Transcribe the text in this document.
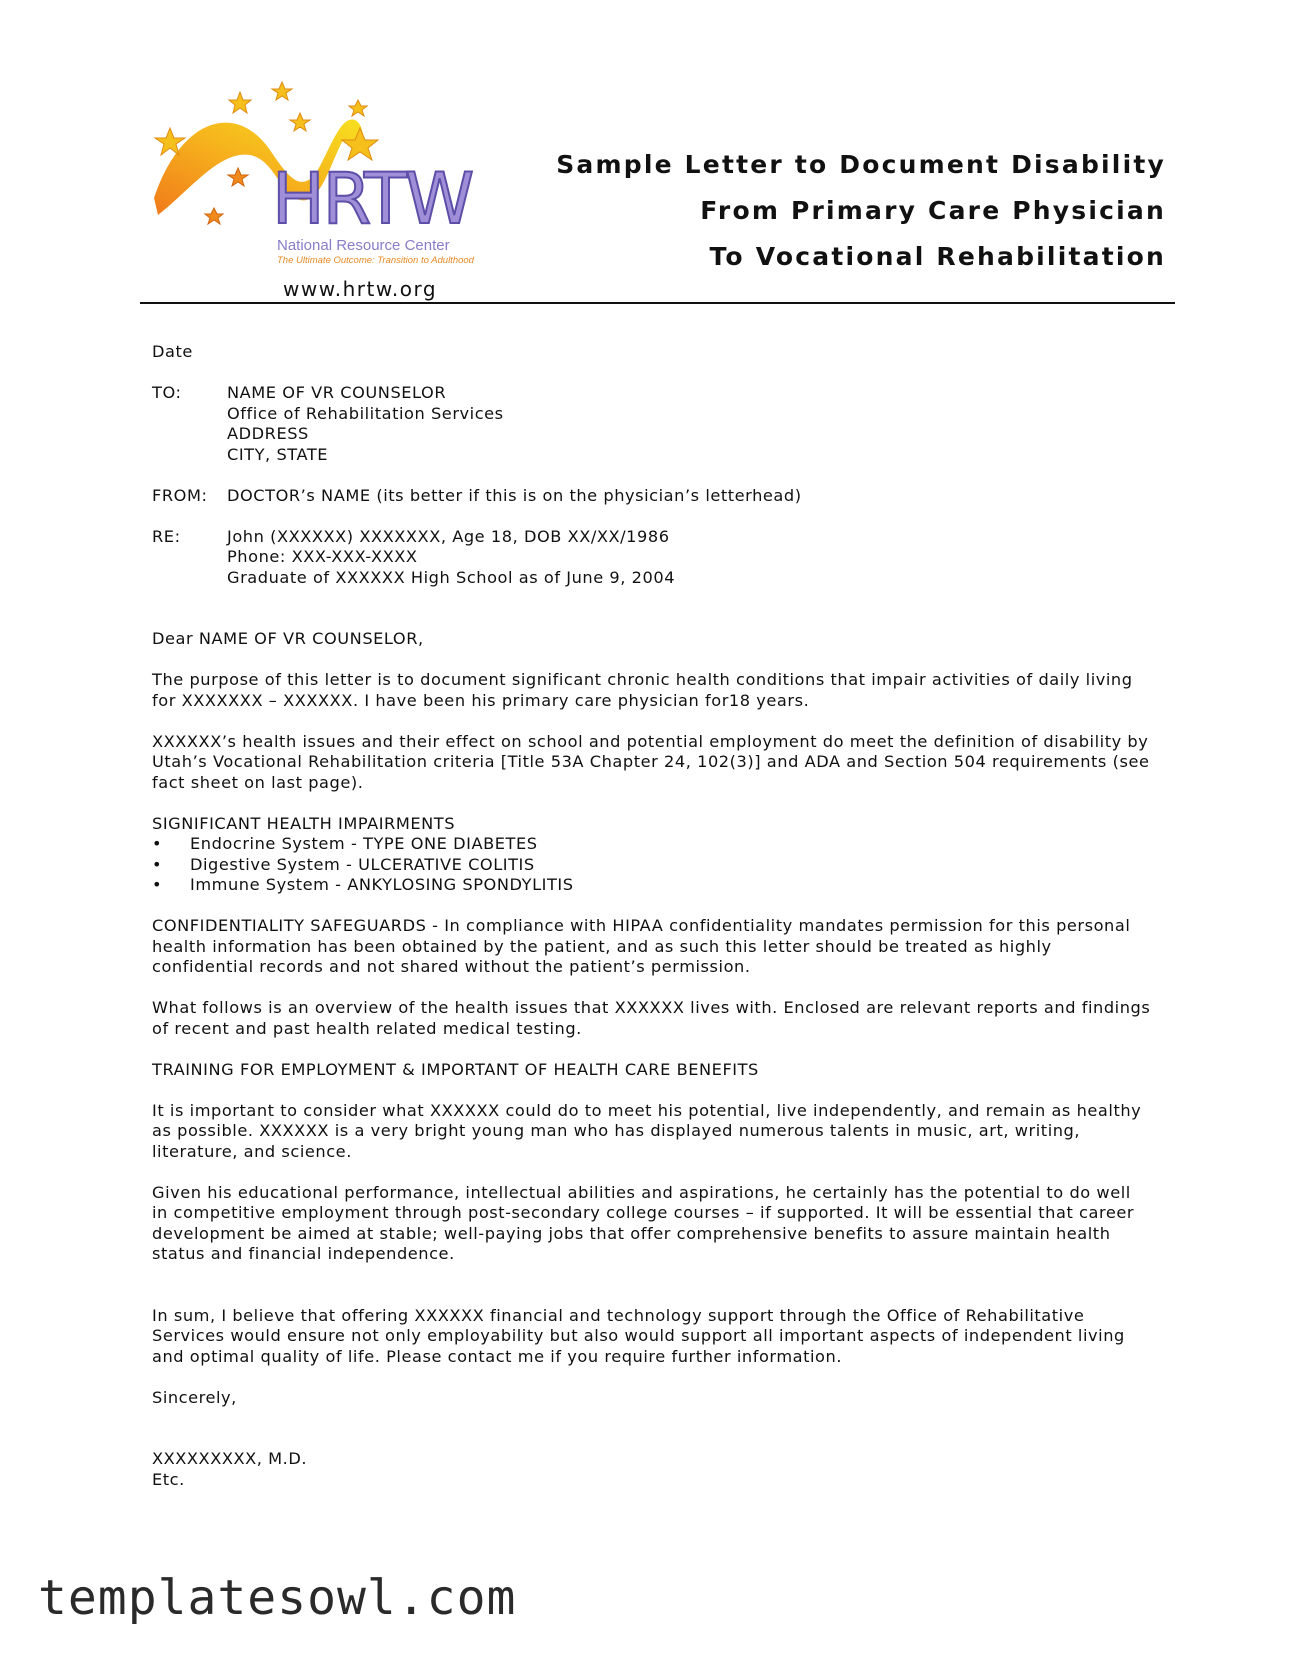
HRTW
National Resource Center
The Ultimate Outcome: Transition to Adulthood
www.hrtw.org
Sample Letter to Document Disability
From Primary Care Physician
To Vocational Rehabilitation

Date

TO:	NAME OF VR COUNSELOR
Office of Rehabilitation Services
ADDRESS
CITY, STATE
FROM:	DOCTOR’s NAME (its better if this is on the physician’s letterhead)
RE:	John (XXXXXX) XXXXXXX, Age 18, DOB XX/XX/1986
Phone: XXX-XXX-XXXX
Graduate of XXXXXX High School as of June 9, 2004

Dear NAME OF VR COUNSELOR,

The purpose of this letter is to document significant chronic health conditions that impair activities of daily living for XXXXXXX – XXXXXX. I have been his primary care physician for18 years.

XXXXXX’s health issues and their effect on school and potential employment do meet the definition of disability by Utah’s Vocational Rehabilitation criteria [Title 53A Chapter 24, 102(3)] and ADA and Section 504 requirements (see fact sheet on last page).

SIGNIFICANT HEALTH IMPAIRMENTS

• Endocrine System - TYPE ONE DIABETES
• Digestive System - ULCERATIVE COLITIS
• Immune System - ANKYLOSING SPONDYLITIS

CONFIDENTIALITY SAFEGUARDS - In compliance with HIPAA confidentiality mandates permission for this personal health information has been obtained by the patient, and as such this letter should be treated as highly confidential records and not shared without the patient’s permission.

What follows is an overview of the health issues that XXXXXX lives with. Enclosed are relevant reports and findings of recent and past health related medical testing.

TRAINING FOR EMPLOYMENT & IMPORTANT OF HEALTH CARE BENEFITS

It is important to consider what XXXXXX could do to meet his potential, live independently, and remain as healthy as possible. XXXXXX is a very bright young man who has displayed numerous talents in music, art, writing, literature, and science.

Given his educational performance, intellectual abilities and aspirations, he certainly has the potential to do well in competitive employment through post-secondary college courses – if supported. It will be essential that career development be aimed at stable; well-paying jobs that offer comprehensive benefits to assure maintain health status and financial independence.

In sum, I believe that offering XXXXXX financial and technology support through the Office of Rehabilitative Services would ensure not only employability but also would support all important aspects of independent living and optimal quality of life. Please contact me if you require further information.

Sincerely,

XXXXXXXXX, M.D.

Etc.

templatesowl.com
